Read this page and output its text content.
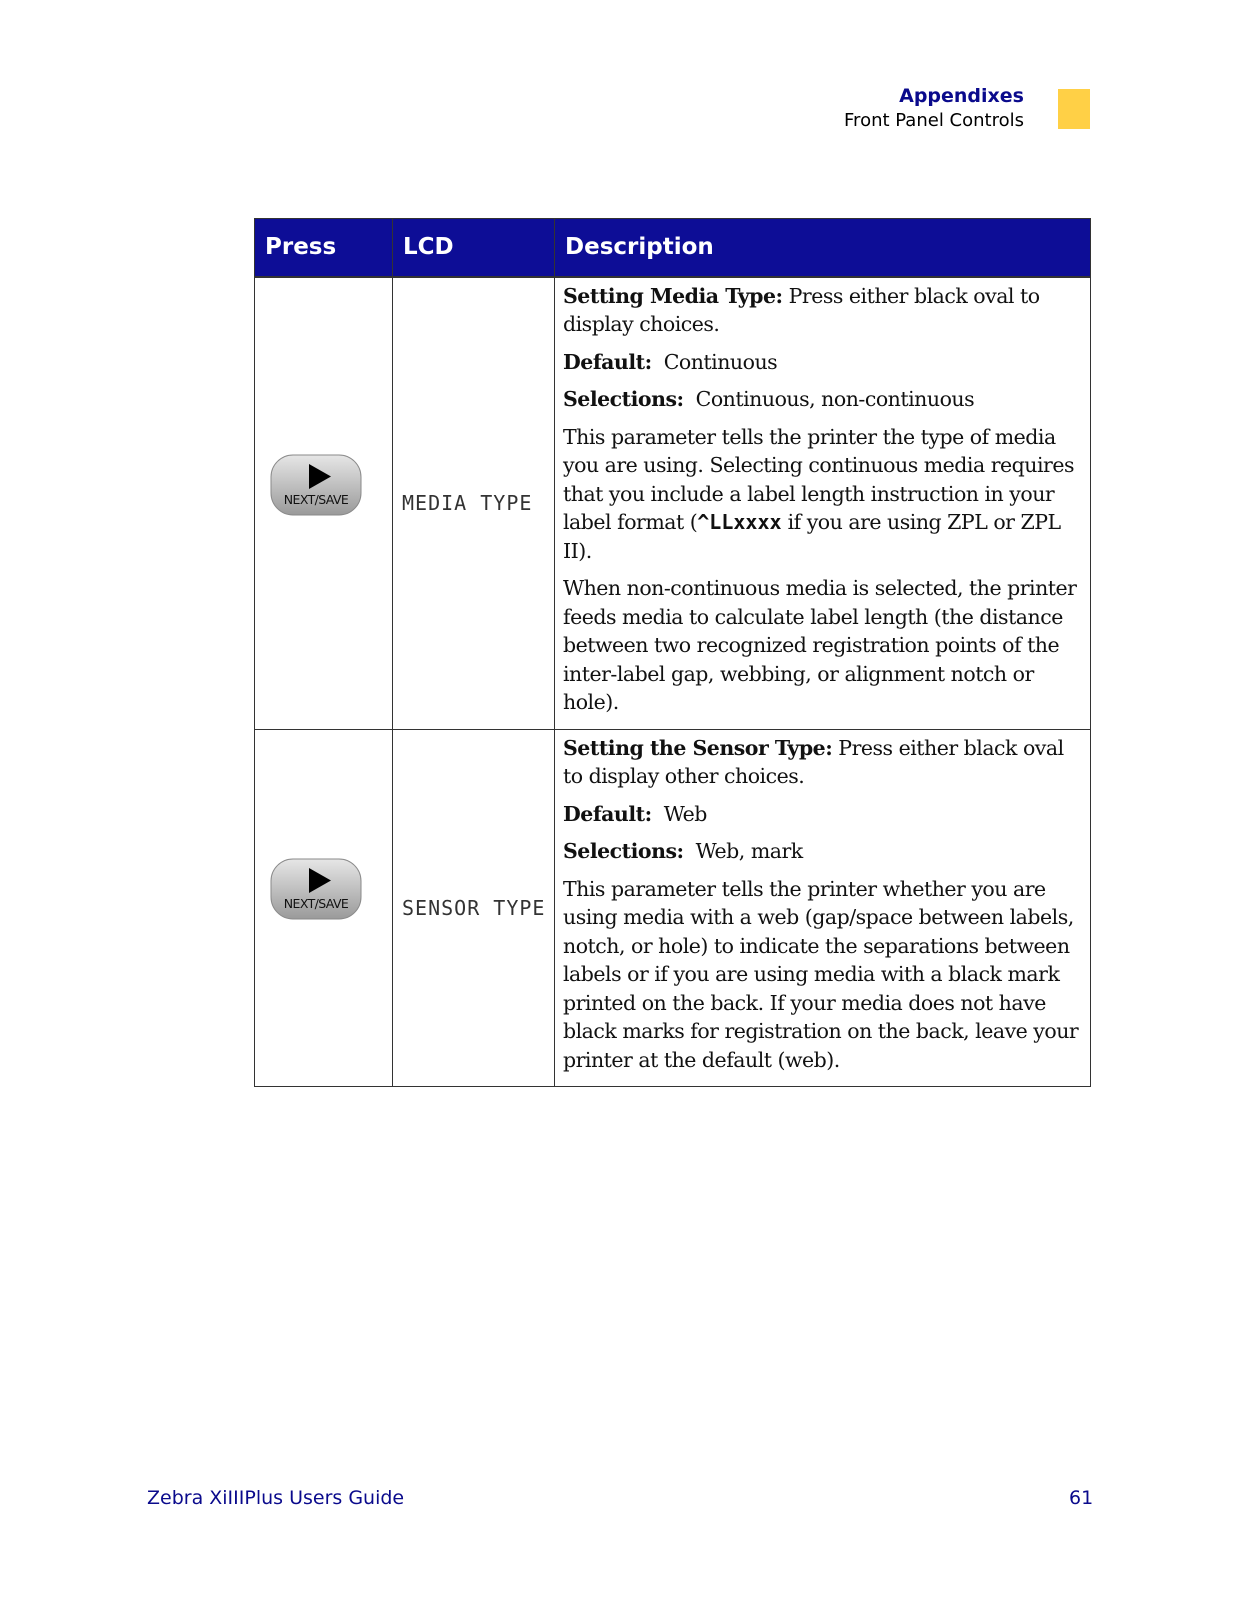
Appendixes
Front Panel Controls
Press	LCD	Description

NEXT/SAVE	MEDIA TYPE	Setting Media Type: Press either black oval to display choices.

Default: Continuous

Selections: Continuous, non-continuous

This parameter tells the printer the type of media you are using. Selecting continuous media requires that you include a label length instruction in your label format (^LLxxxx if you are using ZPL or ZPL II).

When non-continuous media is selected, the printer feeds media to calculate label length (the distance between two recognized registration points of the inter-label gap, webbing, or alignment notch or hole).

NEXT/SAVE	SENSOR TYPE	Setting the Sensor Type: Press either black oval to display other choices.

Default: Web

Selections: Web, mark

This parameter tells the printer whether you are using media with a web (gap/space between labels, notch, or hole) to indicate the separations between labels or if you are using media with a black mark printed on the back. If your media does not have black marks for registration on the back, leave your printer at the default (web).

Zebra XiIIIPlus Users Guide	61
